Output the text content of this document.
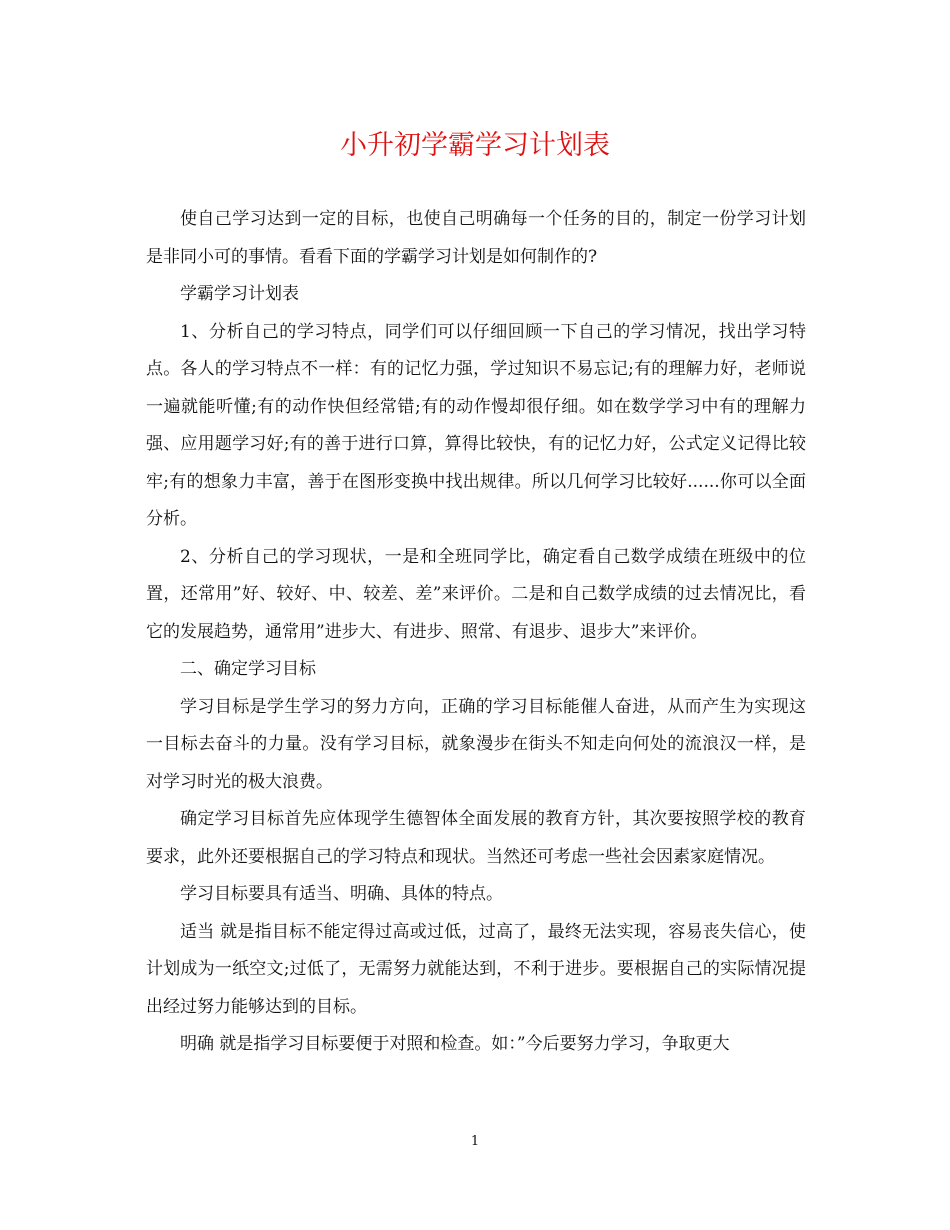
小升初学霸学习计划表

使自己学习达到一定的目标，也使自己明确每一个任务的目的，制定一份学习计划是非同小可的事情。看看下面的学霸学习计划是如何制作的?

学霸学习计划表

1、分析自己的学习特点，同学们可以仔细回顾一下自己的学习情况，找出学习特点。各人的学习特点不一样：有的记忆力强，学过知识不易忘记;有的理解力好，老师说一遍就能听懂;有的动作快但经常错;有的动作慢却很仔细。如在数学学习中有的理解力强、应用题学习好;有的善于进行口算，算得比较快，有的记忆力好，公式定义记得比较牢;有的想象力丰富，善于在图形变换中找出规律。所以几何学习比较好......你可以全面分析。

2、分析自己的学习现状，一是和全班同学比，确定看自己数学成绩在班级中的位置，还常用”好、较好、中、较差、差”来评价。二是和自己数学成绩的过去情况比，看它的发展趋势，通常用”进步大、有进步、照常、有退步、退步大”来评价。

二、确定学习目标

学习目标是学生学习的努力方向，正确的学习目标能催人奋进，从而产生为实现这一目标去奋斗的力量。没有学习目标，就象漫步在街头不知走向何处的流浪汉一样，是对学习时光的极大浪费。

确定学习目标首先应体现学生德智体全面发展的教育方针，其次要按照学校的教育要求，此外还要根据自己的学习特点和现状。当然还可考虑一些社会因素家庭情况。

学习目标要具有适当、明确、具体的特点。

适当 就是指目标不能定得过高或过低，过高了，最终无法实现，容易丧失信心，使计划成为一纸空文;过低了，无需努力就能达到，不利于进步。要根据自己的实际情况提出经过努力能够达到的目标。

明确 就是指学习目标要便于对照和检查。如：”今后要努力学习，争取更大

1
